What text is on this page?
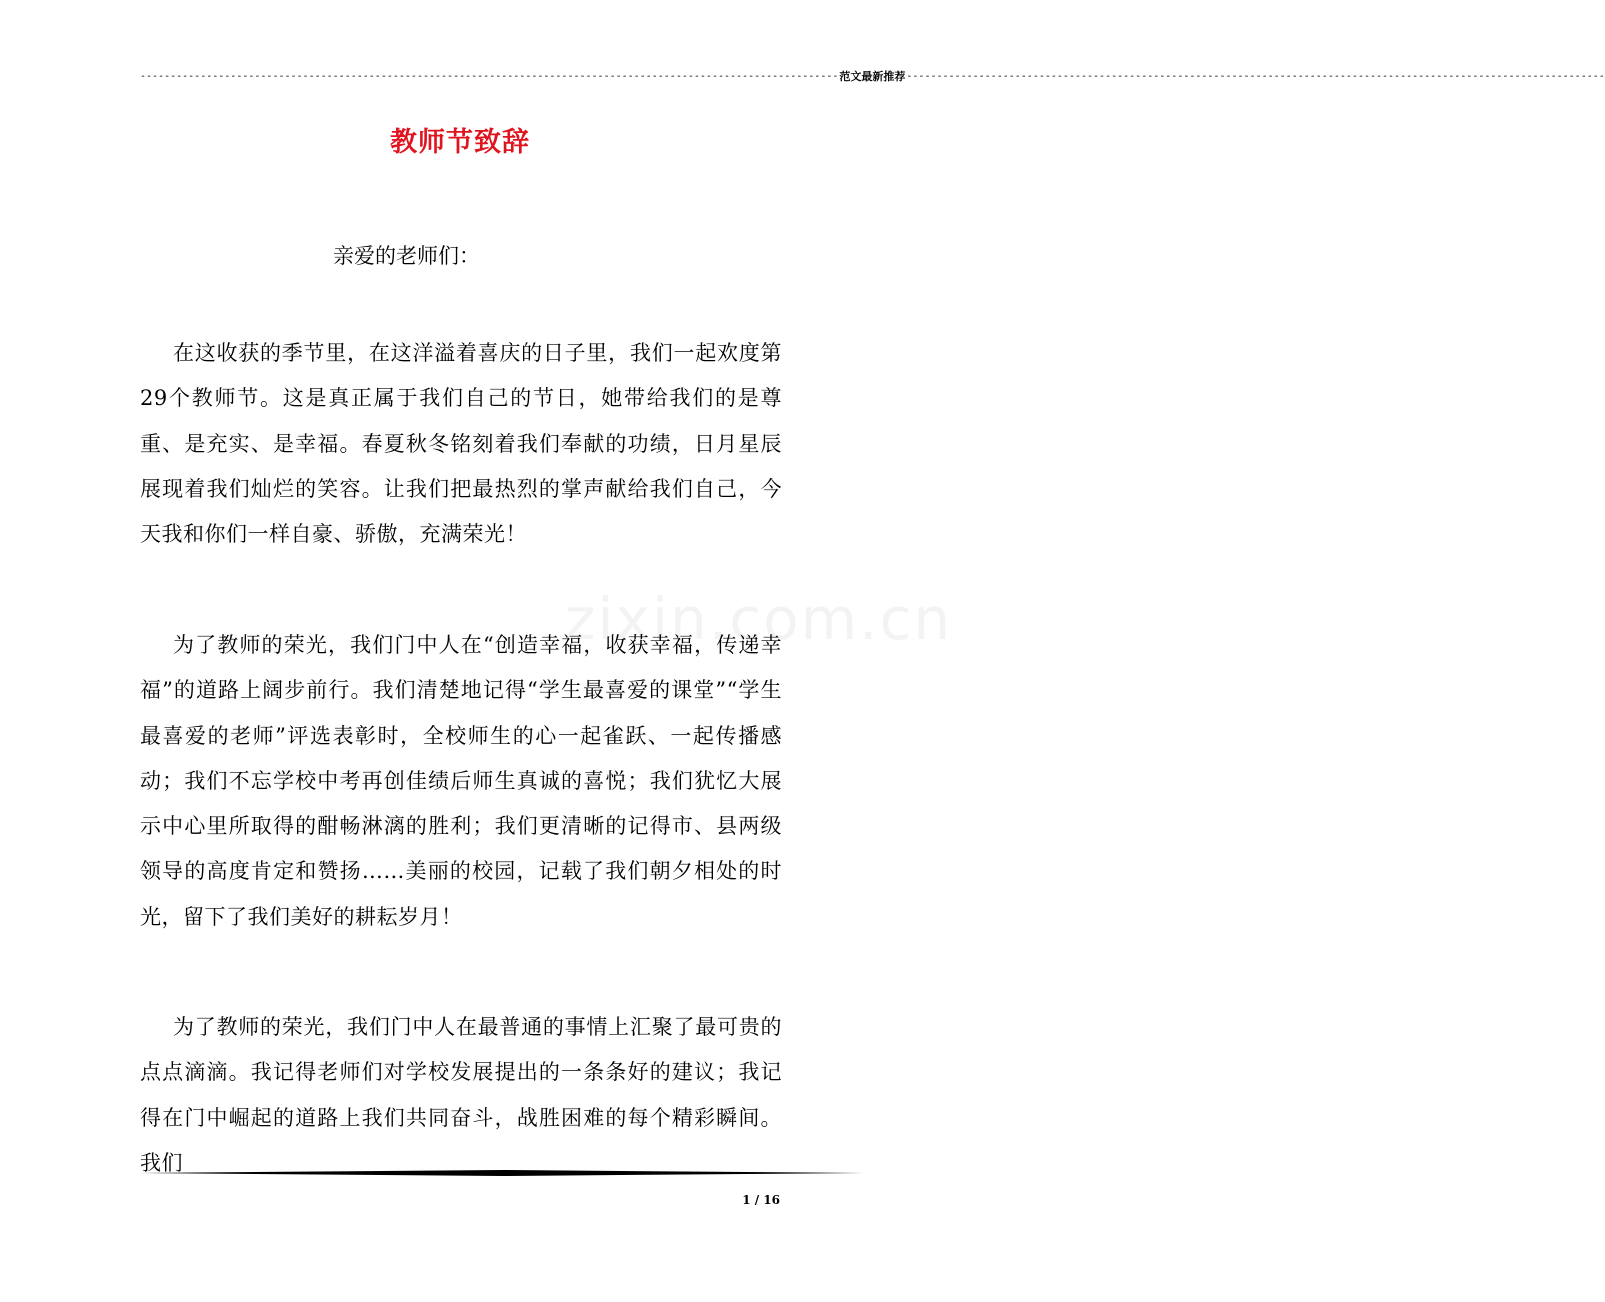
-------------------------------------------------------------------------------------------------------------------- 范文最新推荐 --------------------------------------------------------------------------------------------------------------------
教师节致辞
亲爱的老师们：
zixin.com.cn
在这收获的季节里，在这洋溢着喜庆的日子里，我们一起欢度第29个教师节。这是真正属于我们自己的节日，她带给我们的是尊重、是充实、是幸福。春夏秋冬铭刻着我们奉献的功绩，日月星辰展现着我们灿烂的笑容。让我们把最热烈的掌声献给我们自己，今天我和你们一样自豪、骄傲，充满荣光！
为了教师的荣光，我们门中人在“创造幸福，收获幸福，传递幸福”的道路上阔步前行。我们清楚地记得“学生最喜爱的课堂”“学生最喜爱的老师”评选表彰时，全校师生的心一起雀跃、一起传播感动；我们不忘学校中考再创佳绩后师生真诚的喜悦；我们犹忆大展示中心里所取得的酣畅淋漓的胜利；我们更清晰的记得市、县两级领导的高度肯定和赞扬……美丽的校园，记载了我们朝夕相处的时光，留下了我们美好的耕耘岁月！
为了教师的荣光，我们门中人在最普通的事情上汇聚了最可贵的点点滴滴。我记得老师们对学校发展提出的一条条好的建议；我记得在门中崛起的道路上我们共同奋斗，战胜困难的每个精彩瞬间。我们
1 / 16
